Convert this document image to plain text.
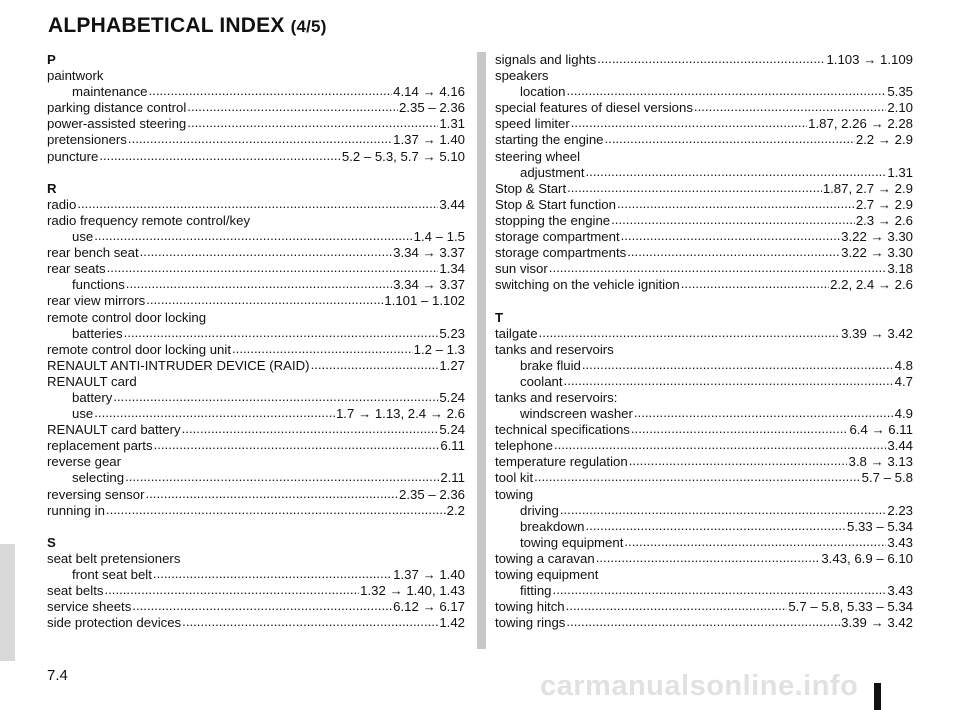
ALPHABETICAL INDEX (4/5)
P
paintwork
maintenance .....	4.14 → 4.16
parking distance control .....	2.35 – 2.36
power-assisted steering .....	1.31
pretensioners .....	1.37 → 1.40
puncture .....	5.2 – 5.3, 5.7 → 5.10
R
radio .....	3.44
radio frequency remote control/key
use .....	1.4 – 1.5
rear bench seat .....	3.34 → 3.37
rear seats .....	1.34
functions .....	3.34 → 3.37
rear view mirrors .....	1.101 – 1.102
remote control door locking
batteries .....	5.23
remote control door locking unit .....	1.2 – 1.3
RENAULT ANTI-INTRUDER DEVICE (RAID) .....	1.27
RENAULT card
battery .....	5.24
use .....	1.7 → 1.13, 2.4 → 2.6
RENAULT card battery .....	5.24
replacement parts .....	6.11
reverse gear
selecting .....	2.11
reversing sensor .....	2.35 – 2.36
running in .....	2.2
S
seat belt pretensioners
front seat belt .....	1.37 → 1.40
seat belts .....	1.32 → 1.40, 1.43
service sheets .....	6.12 → 6.17
side protection devices .....	1.42
signals and lights .....	1.103 → 1.109
speakers
location .....	5.35
special features of diesel versions .....	2.10
speed limiter .....	1.87, 2.26 → 2.28
starting the engine .....	2.2 → 2.9
steering wheel
adjustment .....	1.31
Stop & Start .....	1.87, 2.7 → 2.9
Stop & Start function .....	2.7 → 2.9
stopping the engine .....	2.3 → 2.6
storage compartment .....	3.22 → 3.30
storage compartments .....	3.22 → 3.30
sun visor .....	3.18
switching on the vehicle ignition .....	2.2, 2.4 → 2.6
T
tailgate .....	3.39 → 3.42
tanks and reservoirs
brake fluid .....	4.8
coolant .....	4.7
tanks and reservoirs:
windscreen washer .....	4.9
technical specifications .....	6.4 → 6.11
telephone .....	3.44
temperature regulation .....	3.8 → 3.13
tool kit .....	5.7 – 5.8
towing
driving .....	2.23
breakdown .....	5.33 – 5.34
towing equipment .....	3.43
towing a caravan .....	3.43, 6.9 – 6.10
towing equipment
fitting .....	3.43
towing hitch .....	5.7 – 5.8, 5.33 – 5.34
towing rings .....	3.39 → 3.42
7.4	carmanualsonline.info
